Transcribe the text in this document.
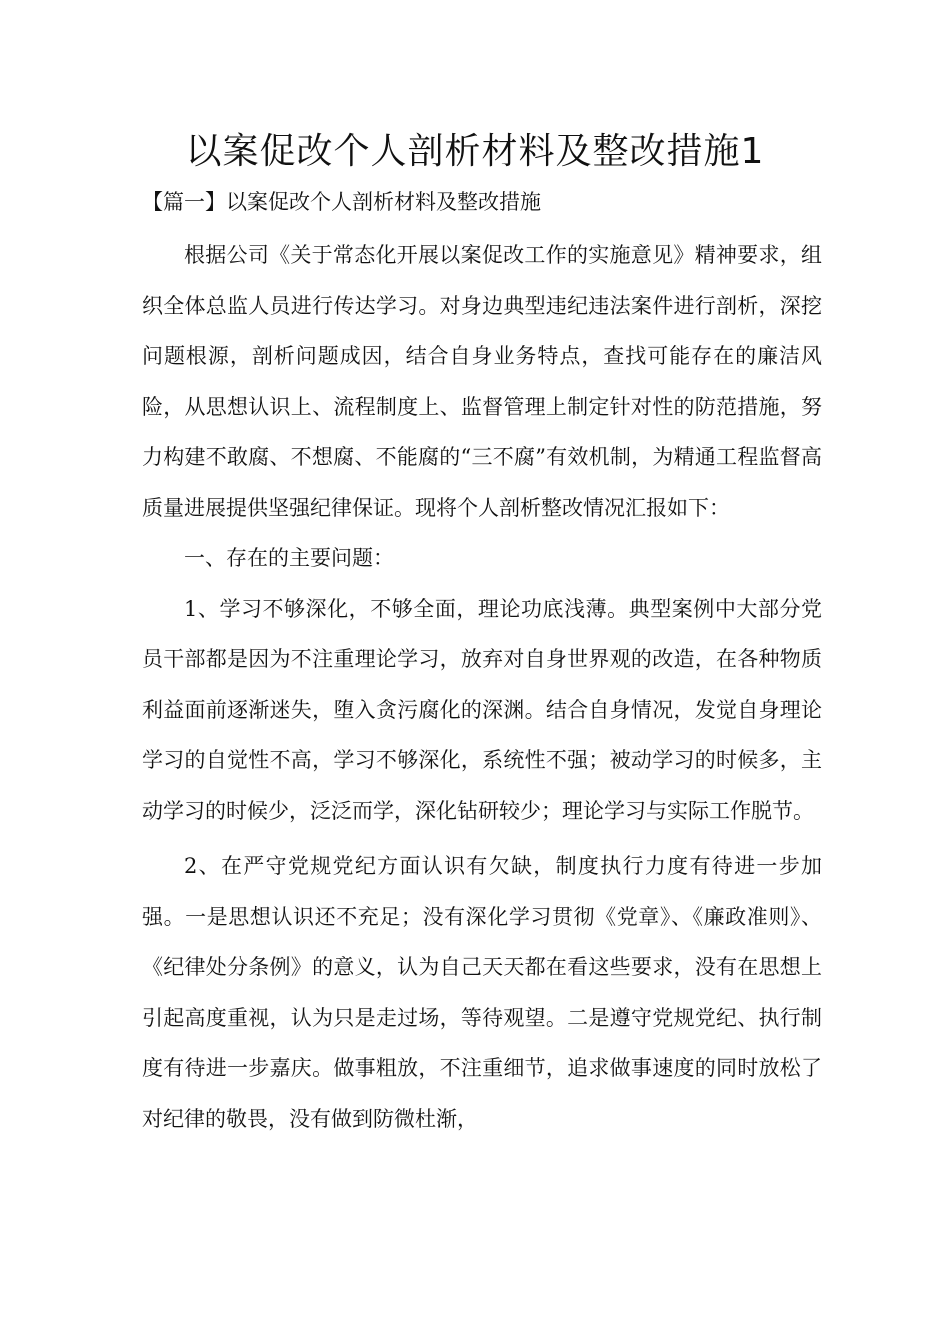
以案促改个人剖析材料及整改措施1
【篇一】以案促改个人剖析材料及整改措施

根据公司《关于常态化开展以案促改工作的实施意见》精神要求，组织全体总监人员进行传达学习。对身边典型违纪违法案件进行剖析，深挖问题根源，剖析问题成因，结合自身业务特点，查找可能存在的廉洁风险，从思想认识上、流程制度上、监督管理上制定针对性的防范措施，努力构建不敢腐、不想腐、不能腐的“三不腐”有效机制，为精通工程监督高质量进展提供坚强纪律保证。现将个人剖析整改情况汇报如下：

一、存在的主要问题：

1、学习不够深化，不够全面，理论功底浅薄。典型案例中大部分党员干部都是因为不注重理论学习，放弃对自身世界观的改造，在各种物质利益面前逐渐迷失，堕入贪污腐化的深渊。结合自身情况，发觉自身理论学习的自觉性不高，学习不够深化，系统性不强；被动学习的时候多，主动学习的时候少，泛泛而学，深化钻研较少；理论学习与实际工作脱节。

2、在严守党规党纪方面认识有欠缺，制度执行力度有待进一步加强。一是思想认识还不充足；没有深化学习贯彻《党章》、《廉政准则》、《纪律处分条例》的意义，认为自己天天都在看这些要求，没有在思想上引起高度重视，认为只是走过场，等待观望。二是遵守党规党纪、执行制度有待进一步嘉庆。做事粗放，不注重细节，追求做事速度的同时放松了对纪律的敬畏，没有做到防微杜渐，
